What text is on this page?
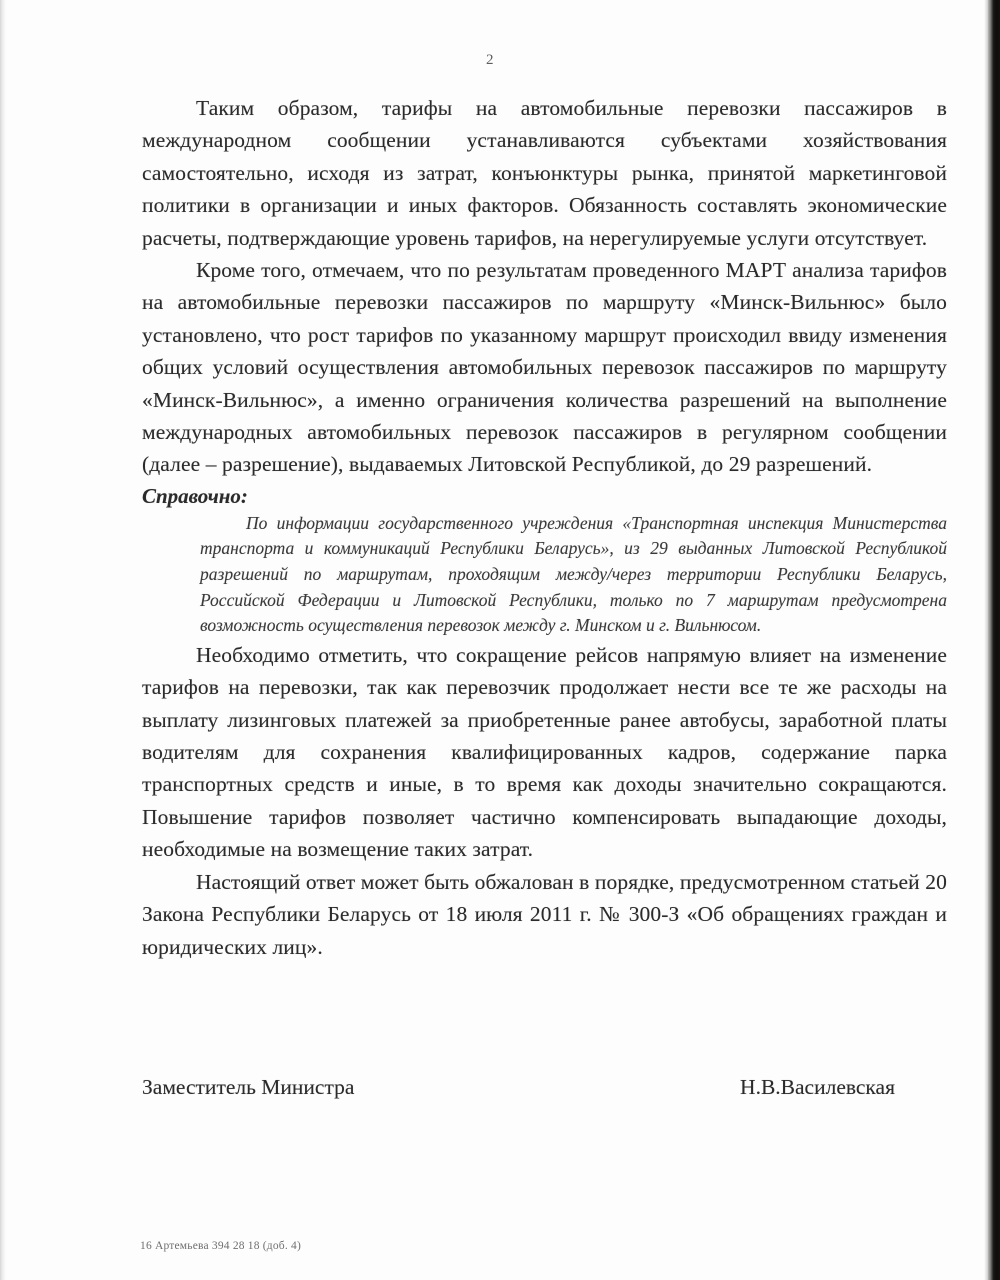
2

Таким образом, тарифы на автомобильные перевозки пассажиров в международном сообщении устанавливаются субъектами хозяйствования самостоятельно, исходя из затрат, конъюнктуры рынка, принятой маркетинговой политики в организации и иных факторов. Обязанность составлять экономические расчеты, подтверждающие уровень тарифов, на нерегулируемые услуги отсутствует.

Кроме того, отмечаем, что по результатам проведенного МАРТ анализа тарифов на автомобильные перевозки пассажиров по маршруту «Минск-Вильнюс» было установлено, что рост тарифов по указанному маршрут происходил ввиду изменения общих условий осуществления автомобильных перевозок пассажиров по маршруту «Минск-Вильнюс», а именно ограничения количества разрешений на выполнение международных автомобильных перевозок пассажиров в регулярном сообщении (далее – разрешение), выдаваемых Литовской Республикой, до 29 разрешений.

Справочно:

По информации государственного учреждения «Транспортная инспекция Министерства транспорта и коммуникаций Республики Беларусь», из 29 выданных Литовской Республикой разрешений по маршрутам, проходящим между/через территории Республики Беларусь, Российской Федерации и Литовской Республики, только по 7 маршрутам предусмотрена возможность осуществления перевозок между г. Минском и г. Вильнюсом.

Необходимо отметить, что сокращение рейсов напрямую влияет на изменение тарифов на перевозки, так как перевозчик продолжает нести все те же расходы на выплату лизинговых платежей за приобретенные ранее автобусы, заработной платы водителям для сохранения квалифицированных кадров, содержание парка транспортных средств и иные, в то время как доходы значительно сокращаются. Повышение тарифов позволяет частично компенсировать выпадающие доходы, необходимые на возмещение таких затрат.

Настоящий ответ может быть обжалован в порядке, предусмотренном статьей 20 Закона Республики Беларусь от 18 июля 2011 г. № 300-З «Об обращениях граждан и юридических лиц».

Заместитель Министра	Н.В.Василевская
16 Артемьева 394 28 18 (доб. 4)
